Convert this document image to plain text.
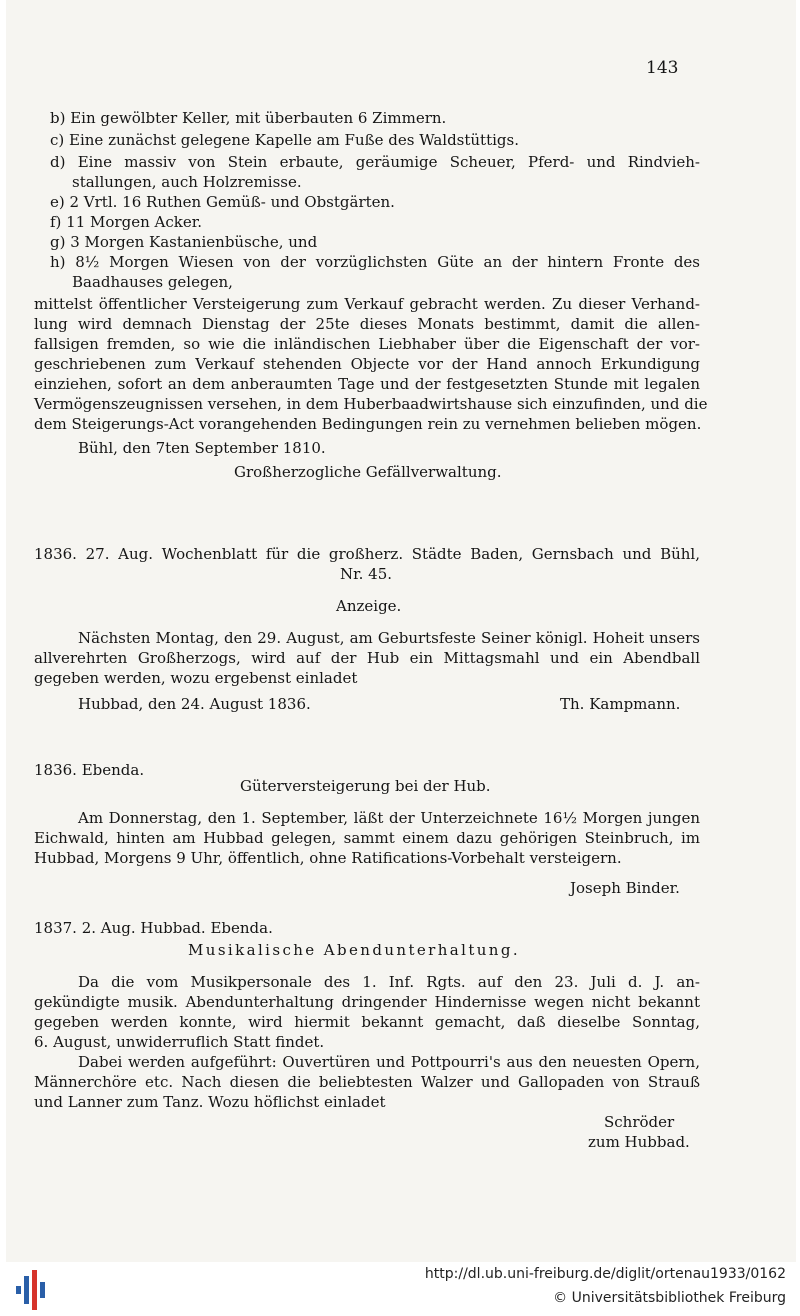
143
b) Ein gewölbter Keller, mit überbauten 6 Zimmern.
c) Eine zunächst gelegene Kapelle am Fuße des Waldstüttigs.
d) Eine massiv von Stein erbaute, geräumige Scheuer, Pferd- und Rindvieh-
stallungen, auch Holzremisse.
e) 2 Vrtl. 16 Ruthen Gemüß- und Obstgärten.
f) 11 Morgen Acker.
g) 3 Morgen Kastanienbüsche, und
h) 8½ Morgen Wiesen von der vorzüglichsten Güte an der hintern Fronte des
Baadhauses gelegen,
mittelst öffentlicher Versteigerung zum Verkauf gebracht werden. Zu dieser Verhand-
lung wird demnach Dienstag der 25te dieses Monats bestimmt, damit die allen-
fallsigen fremden, so wie die inländischen Liebhaber über die Eigenschaft der vor-
geschriebenen zum Verkauf stehenden Objecte vor der Hand annoch Erkundigung
einziehen, sofort an dem anberaumten Tage und der festgesetzten Stunde mit legalen
Vermögenszeugnissen versehen, in dem Huberbaadwirtshause sich einzufinden, und die
dem Steigerungs-Act vorangehenden Bedingungen rein zu vernehmen belieben mögen.
Bühl, den 7ten September 1810.
Großherzogliche Gefällverwaltung.
1836. 27. Aug. Wochenblatt für die großherz. Städte Baden, Gernsbach und Bühl,
Nr. 45.
Anzeige.
Nächsten Montag, den 29. August, am Geburtsfeste Seiner königl. Hoheit unsers
allverehrten Großherzogs, wird auf der Hub ein Mittagsmahl und ein Abendball
gegeben werden, wozu ergebenst einladet
Hubbad, den 24. August 1836.	Th. Kampmann.
1836. Ebenda.
Güterversteigerung bei der Hub.
Am Donnerstag, den 1. September, läßt der Unterzeichnete 16½ Morgen jungen
Eichwald, hinten am Hubbad gelegen, sammt einem dazu gehörigen Steinbruch, im
Hubbad, Morgens 9 Uhr, öffentlich, ohne Ratifications-Vorbehalt versteigern.
Joseph Binder.
1837. 2. Aug. Hubbad. Ebenda.
Musikalische Abendunterhaltung.
Da die vom Musikpersonale des 1. Inf. Rgts. auf den 23. Juli d. J. an-
gekündigte musik. Abendunterhaltung dringender Hindernisse wegen nicht bekannt
gegeben werden konnte, wird hiermit bekannt gemacht, daß dieselbe Sonntag,
6. August, unwiderruflich Statt findet.
Dabei werden aufgeführt: Ouvertüren und Pottpourri's aus den neuesten Opern,
Männerchöre etc. Nach diesen die beliebtesten Walzer und Gallopaden von Strauß
und Lanner zum Tanz. Wozu höflichst einladet
Schröder
zum Hubbad.
http://dl.ub.uni-freiburg.de/diglit/ortenau1933/0162
© Universitätsbibliothek Freiburg
